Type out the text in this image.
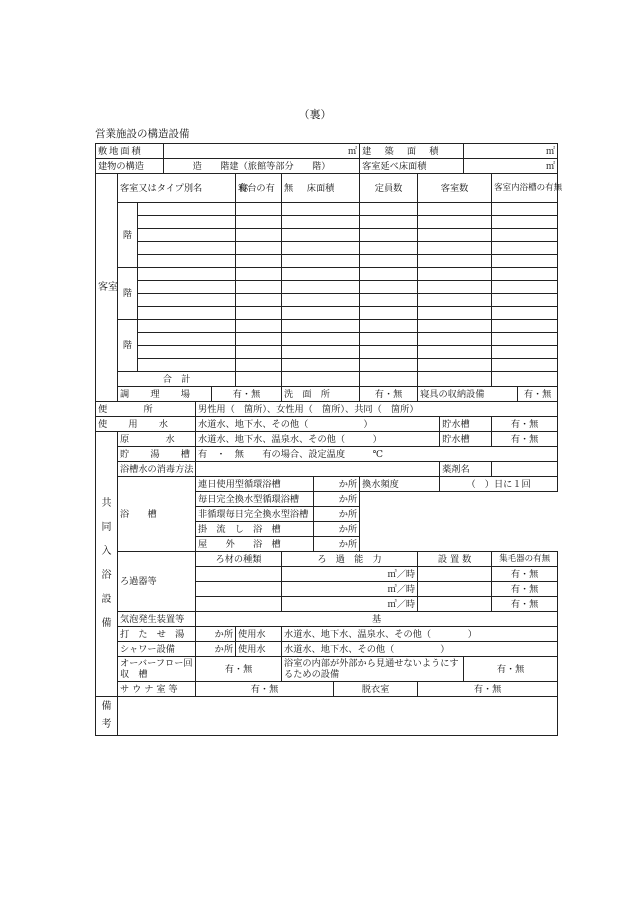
（裏）
営業施設の構造設備
敷地面積			㎡							建　築　面　積			㎡		
建物の構造			造　　階建（旅館等部分　　階）							客室延べ床面積			㎡		
客室	客室又はタイプ別名　　　　称					寝台の有　無	床面積			定員数	客室数			客室内浴槽の有無	
	階														

	階														

	階														

	合　計														
	調　理　場				有・無		洗　面　所			有・無	寝具の収納設備				有・無
便　　所				男性用（　箇所）、女性用（　箇所）、共同（　箇所）											
使　用　水				水道水、地下水、その他（　　　　　　）								貯水槽		有・無	
共同入浴設備	原　　水			水道水、地下水、温泉水、その他（　　　）								貯水槽		有・無	
	貯　湯　槽			有　・　無　　有の場合、設定温度　　　℃											
	浴槽水の消毒方法											薬剤名			
	浴　　槽			連日使用型循環浴槽				か所		換水頻度		（　）日に１回			
				毎日完全換水型循環浴槽				か所							
				非循環毎日完全換水型浴槽				か所							
				掛　流　し　浴　槽				か所							
				屋　　外　　浴　槽				か所							
	ろ過器等			ろ材の種類			ろ　過　能　力				設 置 数			集毛器の有無	
							㎥／時							有・無	
							㎥／時							有・無	
							㎥／時							有・無	
	気泡発生装置等			基											
	打　た　せ　湯			か所		使用水	水道水、地下水、温泉水、その他（　　　　）								
	シャワー設備			か所		使用水	水道水、地下水、その他（　　　　　）								
	オーバーフロー回　収　槽			有・無			浴室の内部が外部から見通せないようにするための設備						有・無		
	サ ウ ナ 室 等			有・無					脱衣室		有・無				
備考															
